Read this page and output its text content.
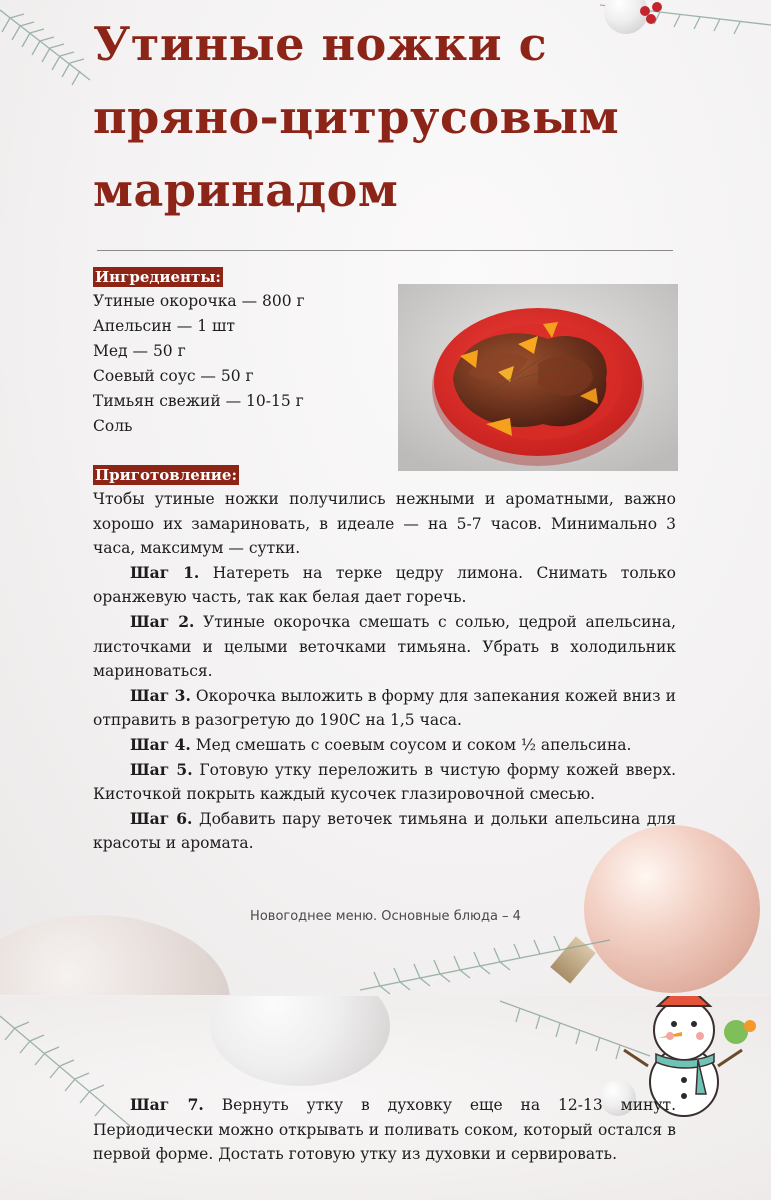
Утиные ножки с
пряно-цитрусовым
маринадом
Ингредиенты:
Утиные окорочка — 800 г
Апельсин — 1 шт
Мед — 50 г
Соевый соус — 50 г
Тимьян свежий — 10-15 г
Соль
Приготовление:
Чтобы утиные ножки получились нежными и ароматными, важно хорошо их замариновать, в идеале — на 5-7 часов. Минимально 3 часа, максимум — сутки.
Шаг 1. Натереть на терке цедру лимона. Снимать только оранжевую часть, так как белая дает горечь.
Шаг 2. Утиные окорочка смешать с солью, цедрой апельсина, листочками и целыми веточками тимьяна. Убрать в холодильник мариноваться.
Шаг 3. Окорочка выложить в форму для запекания кожей вниз и отправить в разогретую до 190С на 1,5 часа.
Шаг 4. Мед смешать с соевым соусом и соком ½ апельсина.
Шаг 5. Готовую утку переложить в чистую форму кожей вверх. Кисточкой покрыть каждый кусочек глазировочной смесью.
Шаг 6. Добавить пару веточек тимьяна и дольки апельсина для красоты и аромата.
Новогоднее меню. Основные блюда – 4
Шаг 7. Вернуть утку в духовку еще на 12-13 минут. Периодически можно открывать и поливать соком, который остался в первой форме. Достать готовую утку из духовки и сервировать.
